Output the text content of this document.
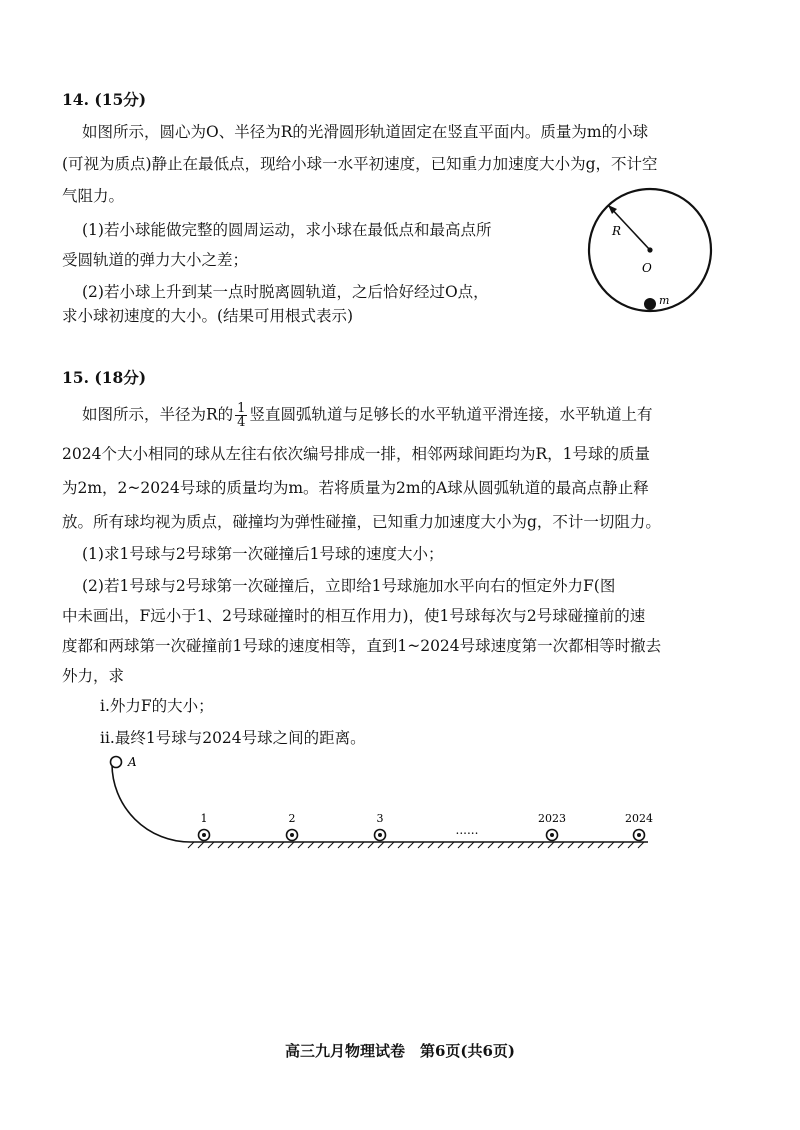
14. (15分)
如图所示，圆心为O、半径为R的光滑圆形轨道固定在竖直平面内。质量为m的小球
(可视为质点)静止在最低点，现给小球一水平初速度，已知重力加速度大小为g，不计空
气阻力。
(1)若小球能做完整的圆周运动，求小球在最低点和最高点所
受圆轨道的弹力大小之差；
(2)若小球上升到某一点时脱离圆轨道，之后恰好经过O点，
求小球初速度的大小。(结果可用根式表示)
R
O
m
15. (18分)
如图所示，半径为R的 $\frac{1}{4}$ 竖直圆弧轨道与足够长的水平轨道平滑连接，水平轨道上有
2024个大小相同的球从左往右依次编号排成一排，相邻两球间距均为R，1号球的质量
为2m，2~2024号球的质量均为m。若将质量为2m的A球从圆弧轨道的最高点静止释
放。所有球均视为质点，碰撞均为弹性碰撞，已知重力加速度大小为g，不计一切阻力。
(1)求1号球与2号球第一次碰撞后1号球的速度大小；
(2)若1号球与2号球第一次碰撞后，立即给1号球施加水平向右的恒定外力F(图
中未画出，F远小于1、2号球碰撞时的相互作用力)，使1号球每次与2号球碰撞前的速
度都和两球第一次碰撞前1号球的速度相等，直到1~2024号球速度第一次都相等时撤去
外力，求
ⅰ.外力F的大小；
ⅱ.最终1号球与2024号球之间的距离。
A
1	2	3
......
2023	2024
高三九月物理试卷　第6页(共6页)
